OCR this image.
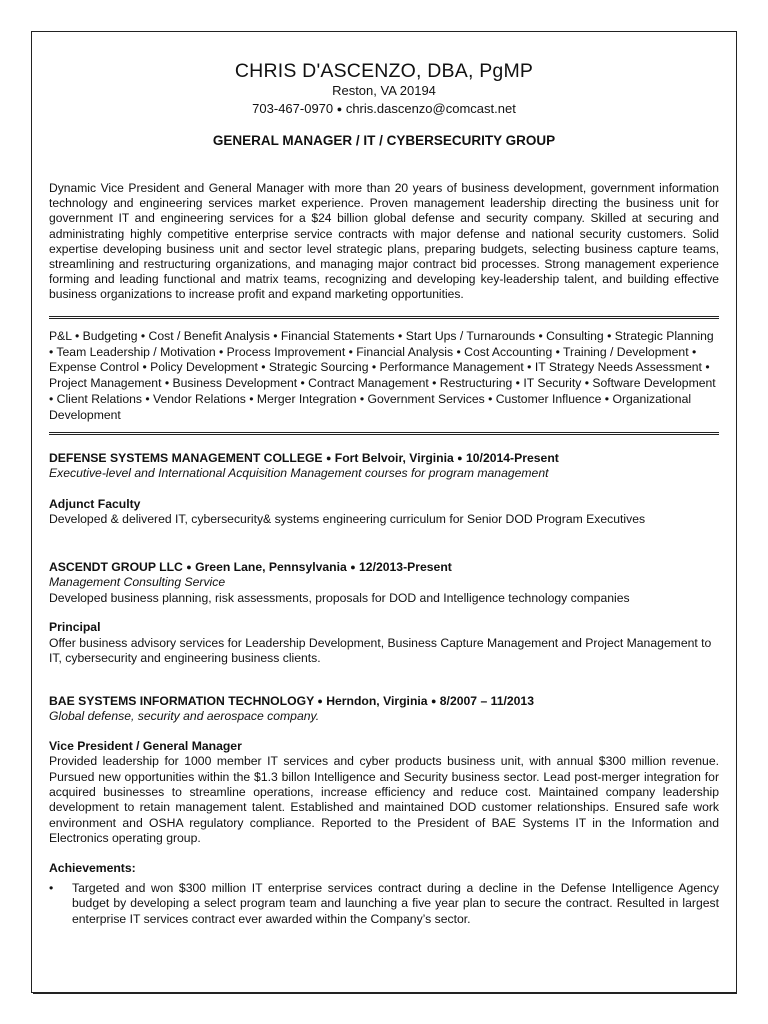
CHRIS D'ASCENZO, DBA, PgMP
Reston, VA 20194
703-467-0970 ● chris.dascenzo@comcast.net
GENERAL MANAGER / IT / CYBERSECURITY GROUP
Dynamic Vice President and General Manager with more than 20 years of business development, government information technology and engineering services market experience. Proven management leadership directing the business unit for government IT and engineering services for a $24 billion global defense and security company. Skilled at securing and administrating highly competitive enterprise service contracts with major defense and national security customers. Solid expertise developing business unit and sector level strategic plans, preparing budgets, selecting business capture teams, streamlining and restructuring organizations, and managing major contract bid processes. Strong management experience forming and leading functional and matrix teams, recognizing and developing key-leadership talent, and building effective business organizations to increase profit and expand marketing opportunities.
P&L • Budgeting • Cost / Benefit Analysis • Financial Statements • Start Ups / Turnarounds • Consulting • Strategic Planning • Team Leadership / Motivation • Process Improvement • Financial Analysis • Cost Accounting • Training / Development • Expense Control • Policy Development • Strategic Sourcing • Performance Management • IT Strategy Needs Assessment • Project Management • Business Development • Contract Management • Restructuring • IT Security • Software Development • Client Relations • Vendor Relations • Merger Integration • Government Services • Customer Influence • Organizational Development
DEFENSE SYSTEMS MANAGEMENT COLLEGE ● Fort Belvoir, Virginia ● 10/2014-Present
Executive-level and International Acquisition Management courses for program management
Adjunct Faculty
Developed & delivered IT, cybersecurity& systems engineering curriculum for Senior DOD Program Executives
ASCENDT GROUP LLC ● Green Lane, Pennsylvania ● 12/2013-Present
Management Consulting Service
Developed business planning, risk assessments, proposals for DOD and Intelligence technology companies
Principal
Offer business advisory services for Leadership Development, Business Capture Management and Project Management to IT, cybersecurity and engineering business clients.
BAE SYSTEMS INFORMATION TECHNOLOGY ● Herndon, Virginia ● 8/2007 – 11/2013
Global defense, security and aerospace company.
Vice President / General Manager
Provided leadership for 1000 member IT services and cyber products business unit, with annual $300 million revenue. Pursued new opportunities within the $1.3 billon Intelligence and Security business sector. Lead post-merger integration for acquired businesses to streamline operations, increase efficiency and reduce cost. Maintained company leadership development to retain management talent. Established and maintained DOD customer relationships. Ensured safe work environment and OSHA regulatory compliance. Reported to the President of BAE Systems IT in the Information and Electronics operating group.
Achievements:
• Targeted and won $300 million IT enterprise services contract during a decline in the Defense Intelligence Agency budget by developing a select program team and launching a five year plan to secure the contract. Resulted in largest enterprise IT services contract ever awarded within the Company’s sector.
